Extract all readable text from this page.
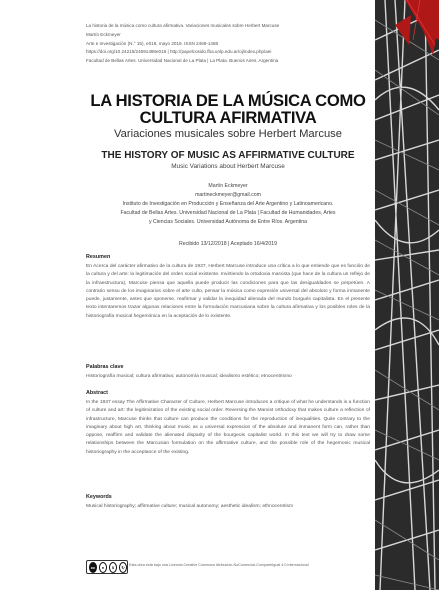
La historia de la música como cultura afirmativa. Variaciones musicales sobre Herbert Marcuse
Martín Eckmeyer
Arte e Investigación (N.° 15), e018, mayo 2019. ISSN 2469-1488
https://doi.org/10.24215/24691488e018 | http://papelcosido.fba.unlp.edu.ar/oj/index.php/aei
Facultad de Bellas Artes. Universidad Nacional de La Plata | La Plata. Buenos Aires. Argentina
LA HISTORIA DE LA MÚSICA COMO CULTURA AFIRMATIVA
Variaciones musicales sobre Herbert Marcuse
THE HISTORY OF MUSIC AS AFFIRMATIVE CULTURE
Music Variations about Herbert Marcuse
Martín Eckmeyer
martineckmeyer@gmail.com
Instituto de Investigación en Producción y Enseñanza del Arte Argentino y Latinoamericano.
Facultad de Bellas Artes. Universidad Nacional de La Plata | Facultad de Humanidades, Artes
y Ciencias Sociales. Universidad Autónoma de Entre Ríos. Argentina
Recibido 13/12/2018 | Aceptado 16/4/2019
Resumen

En Acerca del carácter afirmativo de la cultura de 1937, Herbert Marcuse introduce una crítica a lo que entiende que es función de la cultura y del arte: la legitimación del orden social existente. Invirtiendo la ortodoxia marxista (que hace de la cultura un reflejo de la infraestructura), Marcuse piensa que aquella puede producir las condiciones para que las desigualdades se perpetúen. A contrario sensu de los imaginarios sobre el arte culto, pensar la música como expresión universal del absoluto y forma inmanente puede, justamente, antes que oponerse, reafirmar y validar la inequidad alienada del mundo burgués capitalista. En el presente texto intentaremos trazar algunas relaciones entre la formulación marcusiana sobre la cultura afirmativa y los posibles roles de la historiografía musical hegemónica en la aceptación de lo existente.

Palabras clave

Historiografía musical; cultura afirmativa; autonomía musical; idealismo estético; etnocentrismo

Abstract

In the 1937 essay The Affirmative Character of Culture, Herbert Marcuse introduces a critique of what he understands is a function of culture and art: the legitimization of the existing social order. Reversing the Marxist orthodoxy that makes culture a reflection of infrastructure, Marcuse thinks that culture can produce the conditions for the reproduction of inequalities. Quite contrary to the imaginary about high art, thinking about music as a universal expression of the absolute and immanent form can, rather than oppose, reaffirm and validate the alienated disparity of the bourgeois capitalist world. In this text we will try to draw some relationships between the Marcusian formulation on the affirmative culture, and the possible role of the hegemonic musical historiography in the acceptance of the existing.

Keywords

Musical historiography; affirmative culture; musical autonomy; aesthetic idealism; ethnocentrism

cc	●	$	↻	Esta obra está bajo una Licencia Creative Commons Atribución-NoComercial-CompartirIgual 4.0 Internacional
